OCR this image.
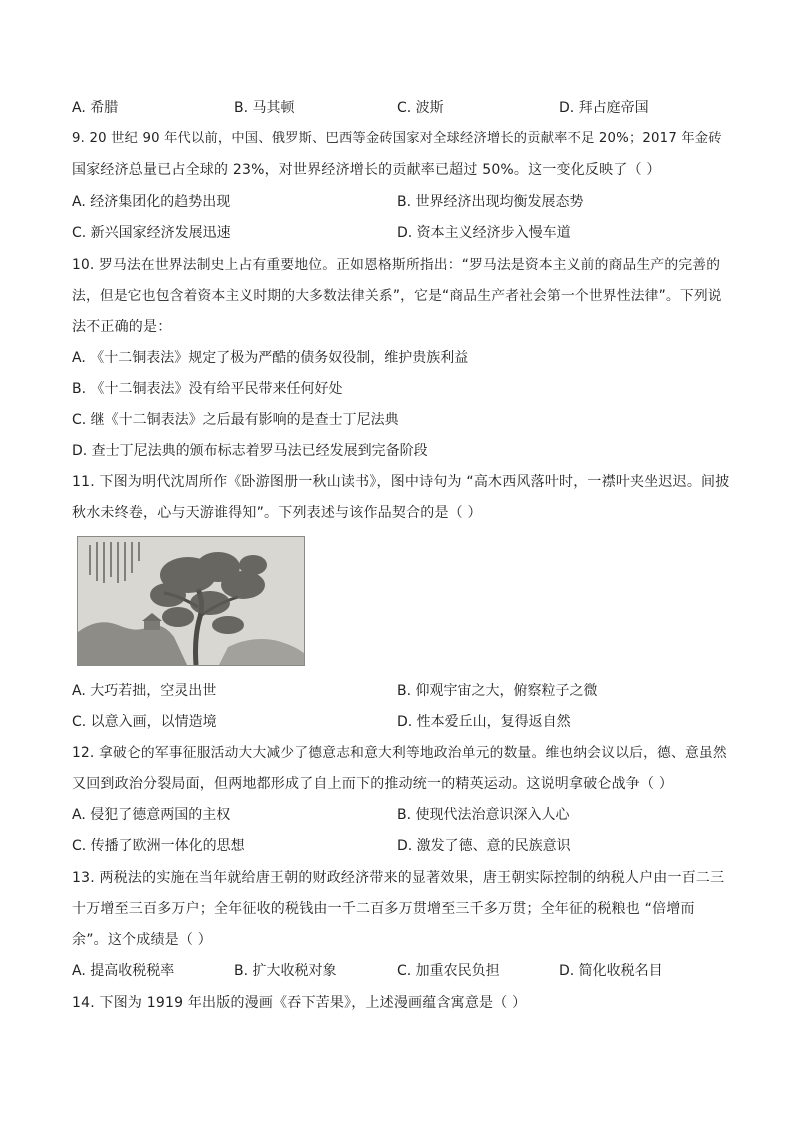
A. 希腊	B. 马其顿	C. 波斯	D. 拜占庭帝国
9. 20 世纪 90 年代以前，中国、俄罗斯、巴西等金砖国家对全球经济增长的贡献率不足 20%；2017 年金砖
国家经济总量已占全球的 23%，对世界经济增长的贡献率已超过 50%。这一变化反映了（ ）
A. 经济集团化的趋势出现	B. 世界经济出现均衡发展态势
C. 新兴国家经济发展迅速	D. 资本主义经济步入慢车道
10. 罗马法在世界法制史上占有重要地位。正如恩格斯所指出：“罗马法是资本主义前的商品生产的完善的
法，但是它也包含着资本主义时期的大多数法律关系”，它是“商品生产者社会第一个世界性法律”。下列说
法不正确的是：
A. 《十二铜表法》规定了极为严酷的债务奴役制，维护贵族利益
B. 《十二铜表法》没有给平民带来任何好处
C. 继《十二铜表法》之后最有影响的是查士丁尼法典
D. 查士丁尼法典的颁布标志着罗马法已经发展到完备阶段
11. 下图为明代沈周所作《卧游图册一秋山读书》，图中诗句为 “高木西风落叶时，一襟叶夹坐迟迟。间披
秋水未终卷，心与天游谁得知”。下列表述与该作品契合的是（ ）
A. 大巧若拙，空灵出世	B. 仰观宇宙之大，俯察粒子之微
C. 以意入画，以情造境	D. 性本爱丘山，复得返自然
12. 拿破仑的军事征服活动大大减少了德意志和意大利等地政治单元的数量。维也纳会议以后，德、意虽然
又回到政治分裂局面，但两地都形成了自上而下的推动统一的精英运动。这说明拿破仑战争（ ）
A. 侵犯了德意两国的主权	B. 使现代法治意识深入人心
C. 传播了欧洲一体化的思想	D. 激发了德、意的民族意识
13. 两税法的实施在当年就给唐王朝的财政经济带来的显著效果，唐王朝实际控制的纳税人户由一百二三
十万增至三百多万户；全年征收的税钱由一千二百多万贯增至三千多万贯；全年征的税粮也 “倍增而
余”。这个成绩是（ ）
A. 提高收税税率	B. 扩大收税对象	C. 加重农民负担	D. 简化收税名目
14. 下图为 1919 年出版的漫画《吞下苦果》，上述漫画蕴含寓意是（ ）
